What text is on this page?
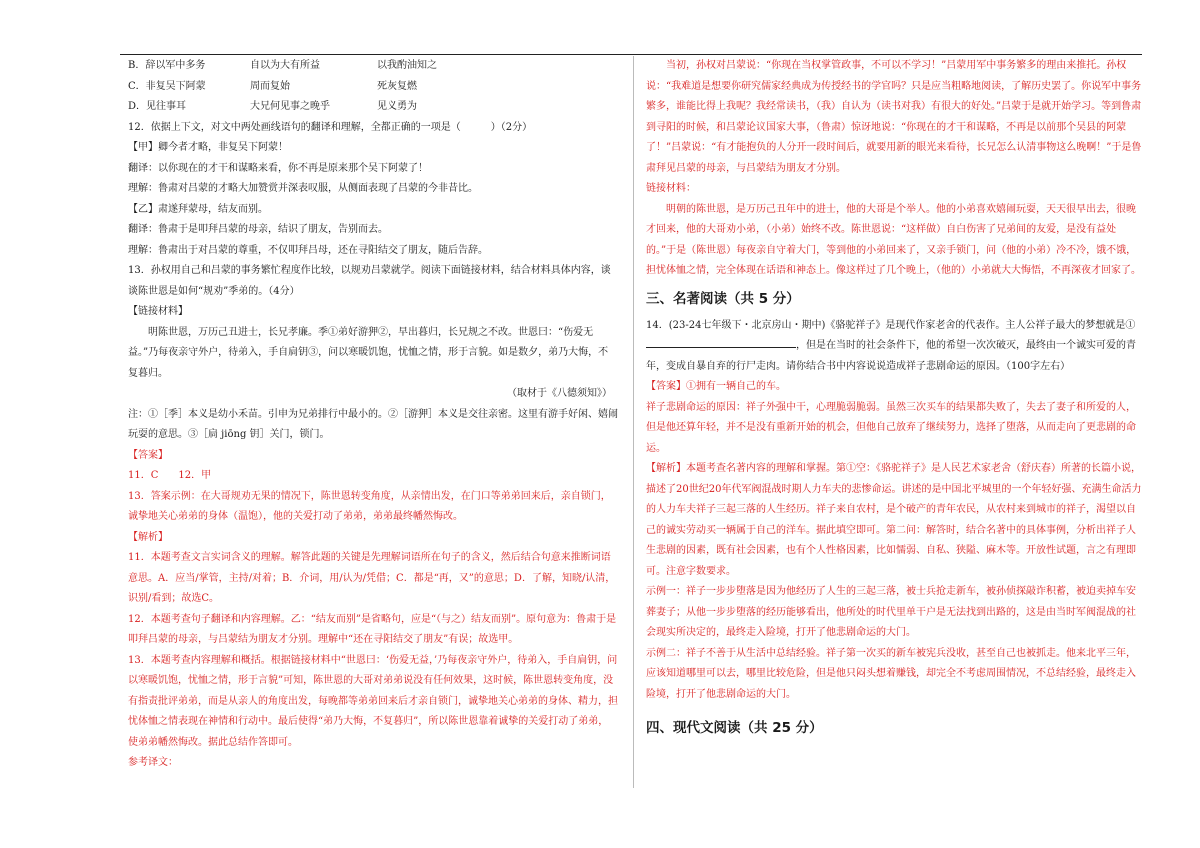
B．辞以军中多务	自以为大有所益	以我酌油知之
C．非复吴下阿蒙	周而复始	死灰复燃
D．见往事耳	大兄何见事之晚乎	见义勇为

12．依据上下文，对文中两处画线语句的翻译和理解，全都正确的一项是（　　　）（2分）

【甲】卿今者才略，非复吴下阿蒙！

翻译：以你现在的才干和谋略来看，你不再是原来那个吴下阿蒙了！

理解：鲁肃对吕蒙的才略大加赞赏并深表叹服，从侧面表现了吕蒙的今非昔比。

【乙】肃遂拜蒙母，结友而别。

翻译：鲁肃于是叩拜吕蒙的母亲，结识了朋友，告别而去。

理解：鲁肃出于对吕蒙的尊重，不仅叩拜吕母，还在寻阳结交了朋友，随后告辞。

13．孙权用自己和吕蒙的事务繁忙程度作比较，以规劝吕蒙就学。阅读下面链接材料，结合材料具体内容，谈谈陈世恩是如何“规劝”季弟的。（4分）

【链接材料】

明陈世恩，万历己丑进士，长兄孝廉。季①弟好游狎②，早出暮归，长兄规之不改。世恩曰：“伤爱无益。”乃每夜亲守外户，待弟入，手自扃钥③，问以寒暖饥饱，忧恤之情，形于言貌。如是数夕，弟乃大悔，不复暮归。

（取材于《八德须知》）

注：①［季］本义是幼小禾苗。引申为兄弟排行中最小的。②［游狎］本义是交往亲密。这里有游手好闲、嬉闹玩耍的意思。③［扃 jiōng 钥］关门，锁门。

【答案】

11．C　　12．甲

13．答案示例：在大哥规劝无果的情况下，陈世恩转变角度，从亲情出发，在门口等弟弟回来后，亲自锁门，诚挚地关心弟弟的身体（温饱），他的关爱打动了弟弟，弟弟最终幡然悔改。

【解析】

11．本题考查文言实词含义的理解。解答此题的关键是先理解词语所在句子的含义，然后结合句意来推断词语意思。A．应当/掌管，主持/对着；B．介词，用/认为/凭借；C．都是“再，又”的意思；D．了解，知晓/认清，识别/看到；故选C。

12．本题考查句子翻译和内容理解。乙：“结友而别”是省略句，应是“（与之）结友而别”。原句意为：鲁肃于是叩拜吕蒙的母亲，与吕蒙结为朋友才分别。理解中“还在寻阳结交了朋友”有误；故选甲。

13．本题考查内容理解和概括。根据链接材料中“世恩曰：‘伤爱无益，’乃每夜亲守外户，待弟入，手自扃钥，问以寒暖饥饱，忧恤之情，形于言貌”可知，陈世恩的大哥对弟弟说没有任何效果，这时候，陈世恩转变角度，没有指责批评弟弟，而是从亲人的角度出发，每晚都等弟弟回来后才亲自锁门，诚挚地关心弟弟的身体、精力，担忧体恤之情表现在神情和行动中。最后使得“弟乃大悔，不复暮归”，所以陈世恩靠着诚挚的关爱打动了弟弟，使弟弟幡然悔改。据此总结作答即可。

参考译文：

当初，孙权对吕蒙说：“你现在当权掌管政事，不可以不学习！”吕蒙用军中事务繁多的理由来推托。孙权说：“我难道是想要你研究儒家经典成为传授经书的学官吗？只是应当粗略地阅读，了解历史罢了。你说军中事务繁多，谁能比得上我呢？我经常读书，（我）自认为（读书对我）有很大的好处。”吕蒙于是就开始学习。等到鲁肃到寻阳的时候，和吕蒙论议国家大事，（鲁肃）惊讶地说：“你现在的才干和谋略，不再是以前那个吴县的阿蒙了！”吕蒙说：“有才能抱负的人分开一段时间后，就要用新的眼光来看待，长兄怎么认清事物这么晚啊！”于是鲁肃拜见吕蒙的母亲，与吕蒙结为朋友才分别。

链接材料：

明朝的陈世恩，是万历己丑年中的进士，他的大哥是个举人。他的小弟喜欢嬉闹玩耍，天天很早出去，很晚才回来，他的大哥劝小弟，（小弟）始终不改。陈世恩说：“这样做）自白伤害了兄弟间的友爱，是没有益处的。”于是（陈世恩）每夜亲自守着大门，等到他的小弟回来了，又亲手锁门，问（他的小弟）冷不冷，饿不饿，担忧体恤之情，完全体现在话语和神态上。像这样过了几个晚上，（他的）小弟就大大悔悟，不再深夜才回家了。

三、名著阅读（共 5 分）

14．(23-24七年级下・北京房山・期中)《骆驼祥子》是现代作家老舍的代表作。主人公祥子最大的梦想就是①，但是在当时的社会条件下，他的希望一次次破灭，最终由一个诚实可爱的青年，变成自暴自弃的行尸走肉。请你结合书中内容说说造成祥子悲剧命运的原因。（100字左右）

【答案】①拥有一辆自己的车。

祥子悲剧命运的原因：祥子外强中干，心理脆弱脆弱。虽然三次买车的结果都失败了，失去了妻子和所爱的人，但是他还算年轻，并不是没有重新开始的机会，但他自己放弃了继续努力，选择了堕落，从而走向了更悲剧的命运。

【解析】本题考查名著内容的理解和掌握。第①空：《骆驼祥子》是人民艺术家老舍（舒庆春）所著的长篇小说，描述了20世纪20年代军阀混战时期人力车夫的悲惨命运。讲述的是中国北平城里的一个年轻好强、充满生命活力的人力车夫祥子三起三落的人生经历。祥子来自农村，是个破产的青年农民，从农村来到城市的祥子，渴望以自己的诚实劳动买一辆属于自己的洋车。据此填空即可。第二问：解答时，结合名著中的具体事例，分析出祥子人生悲剧的因素，既有社会因素，也有个人性格因素，比如懦弱、自私、狭隘、麻木等。开放性试题，言之有理即可。注意字数要求。

示例一：祥子一步步堕落是因为他经历了人生的三起三落，被士兵抢走新车，被孙侦探敲诈积蓄，被迫卖掉车安葬妻子；从他一步步堕落的经历能够看出，他所处的时代里单干户是无法找到出路的，这是由当时军阀混战的社会现实所决定的，最终走入险境，打开了他悲剧命运的大门。

示例二：祥子不善于从生活中总结经验。祥子第一次买的新车被宪兵没收，甚至自己也被抓走。他来北平三年，应该知道哪里可以去，哪里比较危险，但是他只闷头想着赚钱，却完全不考虑周围情况，不总结经验，最终走入险境，打开了他悲剧命运的大门。

四、现代文阅读（共 25 分）
